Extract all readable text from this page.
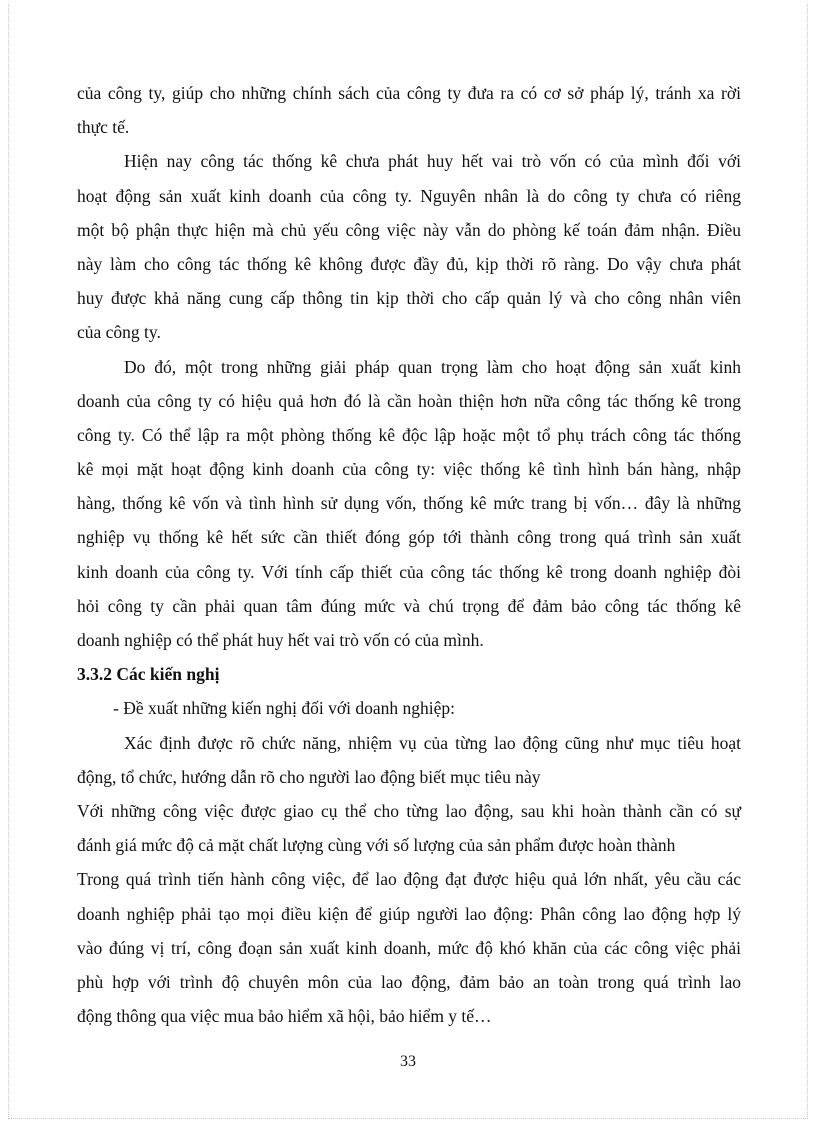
của công ty, giúp cho những chính sách của công ty đưa ra có cơ sở pháp lý, tránh xa rời
thực tế.
Hiện nay công tác thống kê chưa phát huy hết vai trò vốn có của mình đối với
hoạt động sản xuất kinh doanh của công ty. Nguyên nhân là do công ty chưa có riêng
một bộ phận thực hiện mà chủ yếu công việc này vẫn do phòng kế toán đảm nhận. Điều
này làm cho công tác thống kê không được đầy đủ, kịp thời rõ ràng. Do vậy chưa phát
huy được khả năng cung cấp thông tin kịp thời cho cấp quản lý và cho công nhân viên
của công ty.
Do đó, một trong những giải pháp quan trọng làm cho hoạt động sản xuất kinh
doanh của công ty có hiệu quả hơn đó là cần hoàn thiện hơn nữa công tác thống kê trong
công ty. Có thể lập ra một phòng thống kê độc lập hoặc một tổ phụ trách công tác thống
kê mọi mặt hoạt động kinh doanh của công ty: việc thống kê tình hình bán hàng, nhập
hàng, thống kê vốn và tình hình sử dụng vốn, thống kê mức trang bị vốn… đây là những
nghiệp vụ thống kê hết sức cần thiết đóng góp tới thành công trong quá trình sản xuất
kinh doanh của công ty. Với tính cấp thiết của công tác thống kê trong doanh nghiệp đòi
hỏi công ty cần phải quan tâm đúng mức và chú trọng để đảm bảo công tác thống kê
doanh nghiệp có thể phát huy hết vai trò vốn có của mình.
3.3.2 Các kiến nghị
- Đề xuất những kiến nghị đối với doanh nghiệp:
Xác định được rõ chức năng, nhiệm vụ của từng lao động cũng như mục tiêu hoạt
động, tổ chức, hướng dẫn rõ cho người lao động biết mục tiêu này
Với những công việc được giao cụ thể cho từng lao động, sau khi hoàn thành cần có sự
đánh giá mức độ cả mặt chất lượng cùng với số lượng của sản phẩm được hoàn thành
Trong quá trình tiến hành công việc, để lao động đạt được hiệu quả lớn nhất, yêu cầu các
doanh nghiệp phải tạo mọi điều kiện để giúp người lao động: Phân công lao động hợp lý
vào đúng vị trí, công đoạn sản xuất kinh doanh, mức độ khó khăn của các công việc phải
phù hợp với trình độ chuyên môn của lao động, đảm bảo an toàn trong quá trình lao
động thông qua việc mua bảo hiểm xã hội, bảo hiểm y tế…
33
